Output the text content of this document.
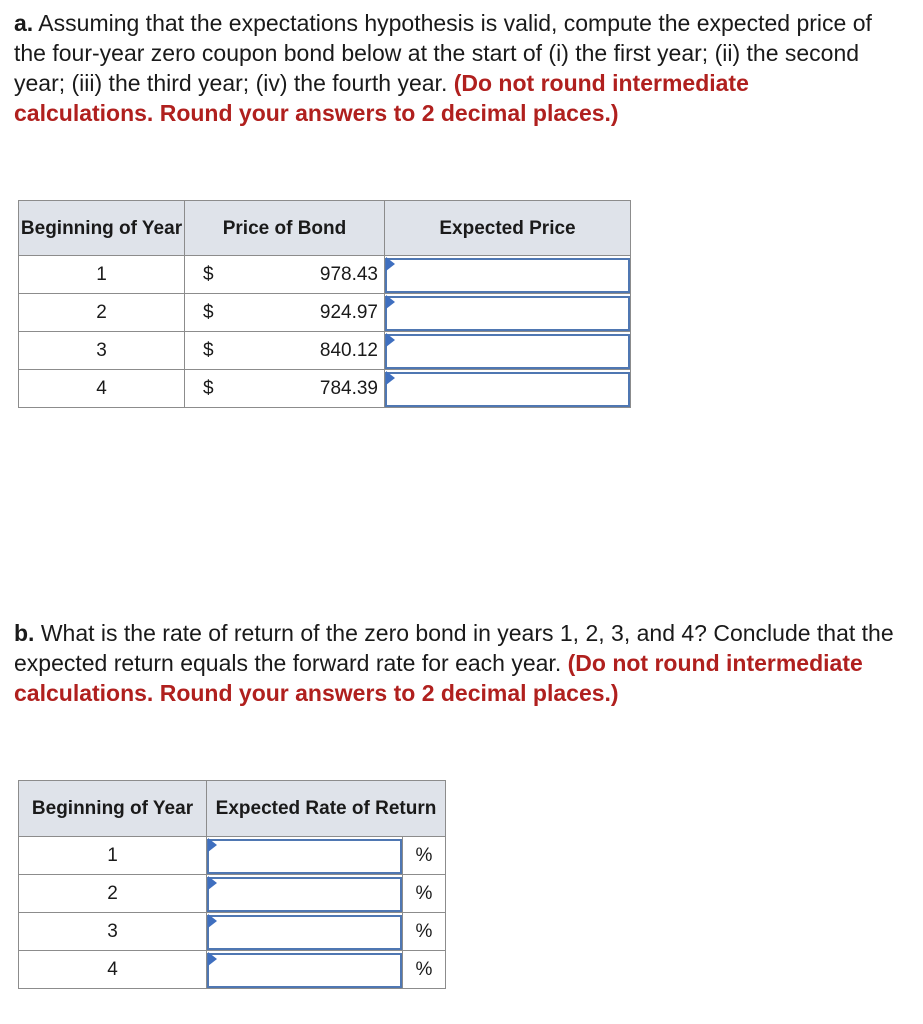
a. Assuming that the expectations hypothesis is valid, compute the expected price of the four-year zero coupon bond below at the start of (i) the first year; (ii) the second year; (iii) the third year; (iv) the fourth year. (Do not round intermediate calculations. Round your answers to 2 decimal places.)
Beginning of Year	Price of Bond	Expected Price
1	$ 978.43

2	$ 924.97

3	$ 840.12

4	$ 784.39

b. What is the rate of return of the zero bond in years 1, 2, 3, and 4? Conclude that the expected return equals the forward rate for each year. (Do not round intermediate calculations. Round your answers to 2 decimal places.)
Beginning of Year	Expected Rate of Return	
1		%
2		%
3		%
4		%
